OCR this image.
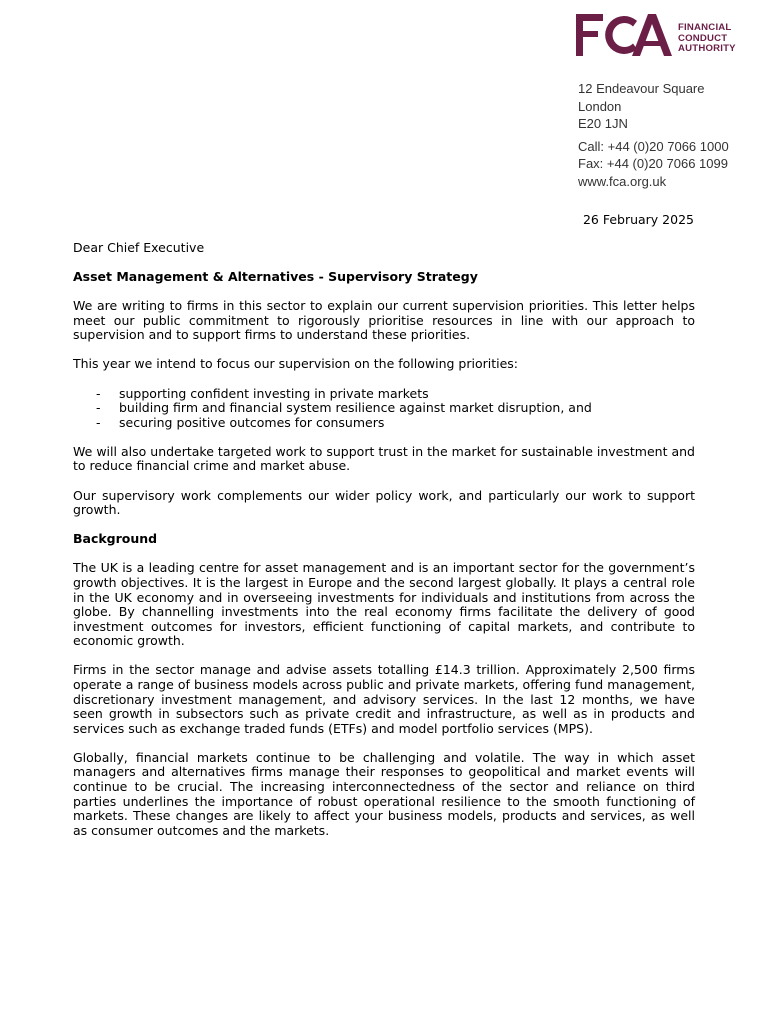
FINANCIAL
CONDUCT
AUTHORITY

12 Endeavour Square
London
E20 1JN
Call: +44 (0)20 7066 1000
Fax: +44 (0)20 7066 1099
www.fca.org.uk
26 February 2025

Dear Chief Executive

Asset Management & Alternatives - Supervisory Strategy

We are writing to firms in this sector to explain our current supervision priorities. This letter helps meet our public commitment to rigorously prioritise resources in line with our approach to supervision and to support firms to understand these priorities.

This year we intend to focus our supervision on the following priorities:

- supporting confident investing in private markets
- building firm and financial system resilience against market disruption, and
- securing positive outcomes for consumers

We will also undertake targeted work to support trust in the market for sustainable investment and to reduce financial crime and market abuse.

Our supervisory work complements our wider policy work, and particularly our work to support growth.

Background

The UK is a leading centre for asset management and is an important sector for the government’s growth objectives. It is the largest in Europe and the second largest globally. It plays a central role in the UK economy and in overseeing investments for individuals and institutions from across the globe. By channelling investments into the real economy firms facilitate the delivery of good investment outcomes for investors, efficient functioning of capital markets, and contribute to economic growth.

Firms in the sector manage and advise assets totalling £14.3 trillion. Approximately 2,500 firms operate a range of business models across public and private markets, offering fund management, discretionary investment management, and advisory services. In the last 12 months, we have seen growth in subsectors such as private credit and infrastructure, as well as in products and services such as exchange traded funds (ETFs) and model portfolio services (MPS).

Globally, financial markets continue to be challenging and volatile. The way in which asset managers and alternatives firms manage their responses to geopolitical and market events will continue to be crucial. The increasing interconnectedness of the sector and reliance on third parties underlines the importance of robust operational resilience to the smooth functioning of markets. These changes are likely to affect your business models, products and services, as well as consumer outcomes and the markets.
